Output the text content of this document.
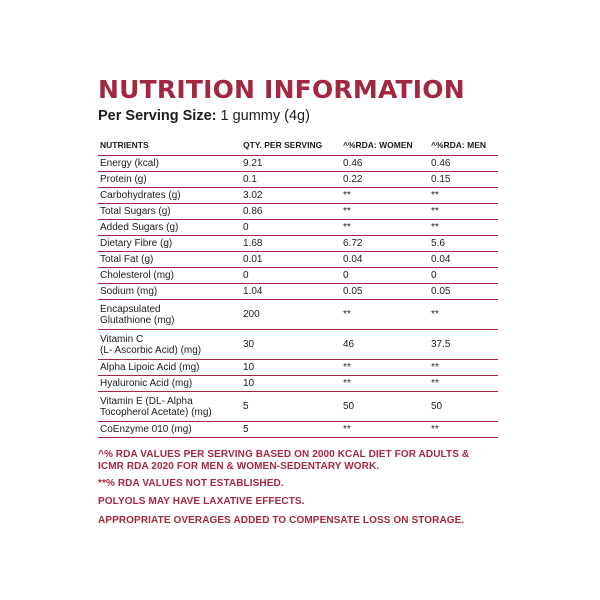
NUTRITION INFORMATION
Per Serving Size: 1 gummy (4g)
NUTRIENTS	QTY. PER SERVING	^%RDA: WOMEN	^%RDA: MEN
Energy (kcal)	9.21	0.46	0.46
Protein (g)	0.1	0.22	0.15
Carbohydrates (g)	3.02	**	**
Total Sugars (g)	0.86	**	**
Added Sugars (g)	0	**	**
Dietary Fibre (g)	1.68	6.72	5.6
Total Fat (g)	0.01	0.04	0.04
Cholesterol (mg)	0	0	0
Sodium (mg)	1.04	0.05	0.05
Encapsulated
Glutathione (mg)	200	**	**
Vitamin C
(L- Ascorbic Acid) (mg)	30	46	37.5
Alpha Lipoic Acid (mg)	10	**	**
Hyaluronic Acid (mg)	10	**	**
Vitamin E (DL- Alpha
Tocopherol Acetate) (mg)	5	50	50
CoEnzyme 010 (mg)	5	**	**

^% RDA VALUES PER SERVING BASED ON 2000 KCAL DIET FOR ADULTS &
ICMR RDA 2020 FOR MEN & WOMEN-SEDENTARY WORK.

**% RDA VALUES NOT ESTABLISHED.

POLYOLS MAY HAVE LAXATIVE EFFECTS.

APPROPRIATE OVERAGES ADDED TO COMPENSATE LOSS ON STORAGE.
